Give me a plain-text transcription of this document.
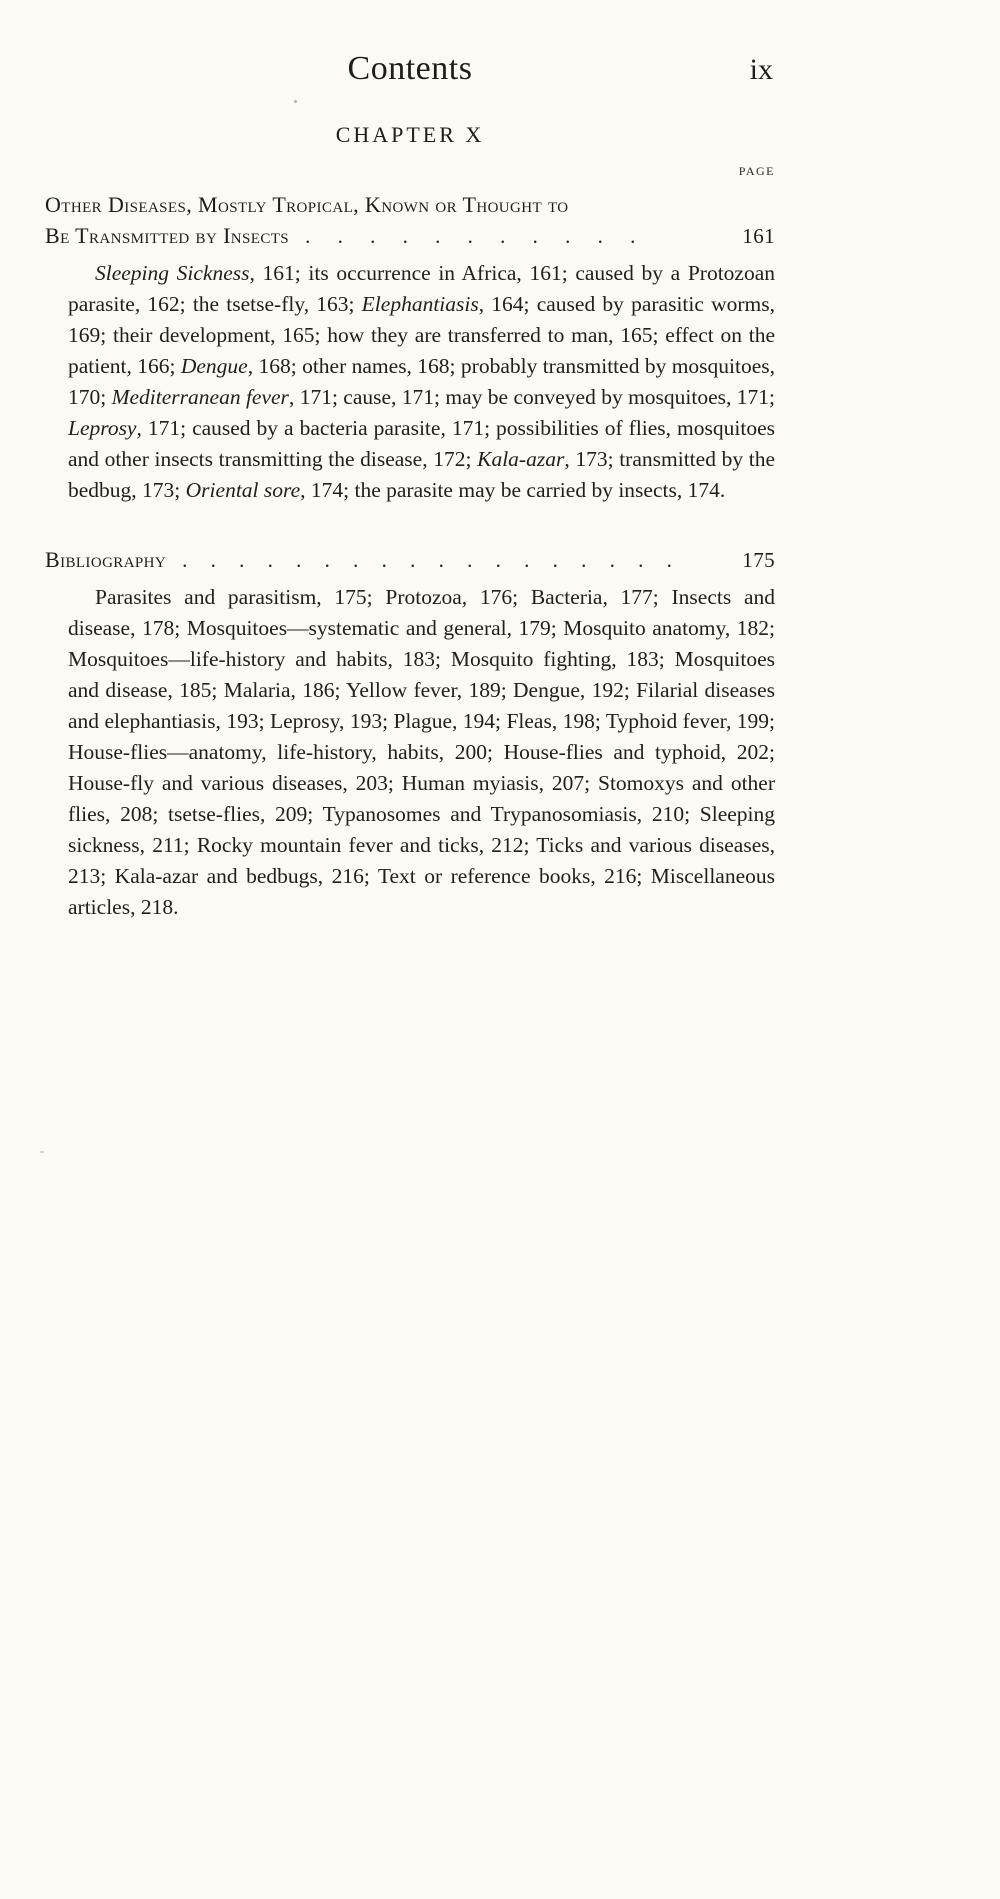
Contents	ix
CHAPTER X
PAGE
Other Diseases, Mostly Tropical, Known or Thought to
Be Transmitted by Insects . . . . . . . . . . .	161

Sleeping Sickness, 161; its occurrence in Africa, 161; caused by a Protozoan parasite, 162; the tsetse-fly, 163; Elephantiasis, 164; caused by parasitic worms, 169; their development, 165; how they are transferred to man, 165; effect on the patient, 166; Dengue, 168; other names, 168; probably transmitted by mosquitoes, 170; Mediterranean fever, 171; cause, 171; may be conveyed by mosquitoes, 171; Leprosy, 171; caused by a bacteria parasite, 171; possibilities of flies, mosquitoes and other insects transmitting the disease, 172; Kala-azar, 173; transmitted by the bedbug, 173; Oriental sore, 174; the parasite may be carried by insects, 174.

Bibliography . . . . . . . . . . . . . . . . . .	175

Parasites and parasitism, 175; Protozoa, 176; Bacteria, 177; Insects and disease, 178; Mosquitoes—systematic and general, 179; Mosquito anatomy, 182; Mosquitoes—life-history and habits, 183; Mosquito fighting, 183; Mosquitoes and disease, 185; Malaria, 186; Yellow fever, 189; Dengue, 192; Filarial diseases and elephantiasis, 193; Leprosy, 193; Plague, 194; Fleas, 198; Typhoid fever, 199; House-flies—anatomy, life-history, habits, 200; House-flies and typhoid, 202; House-fly and various diseases, 203; Human myiasis, 207; Stomoxys and other flies, 208; tsetse-flies, 209; Typanosomes and Trypanosomiasis, 210; Sleeping sickness, 211; Rocky mountain fever and ticks, 212; Ticks and various diseases, 213; Kala-azar and bedbugs, 216; Text or reference books, 216; Miscellaneous articles, 218.
